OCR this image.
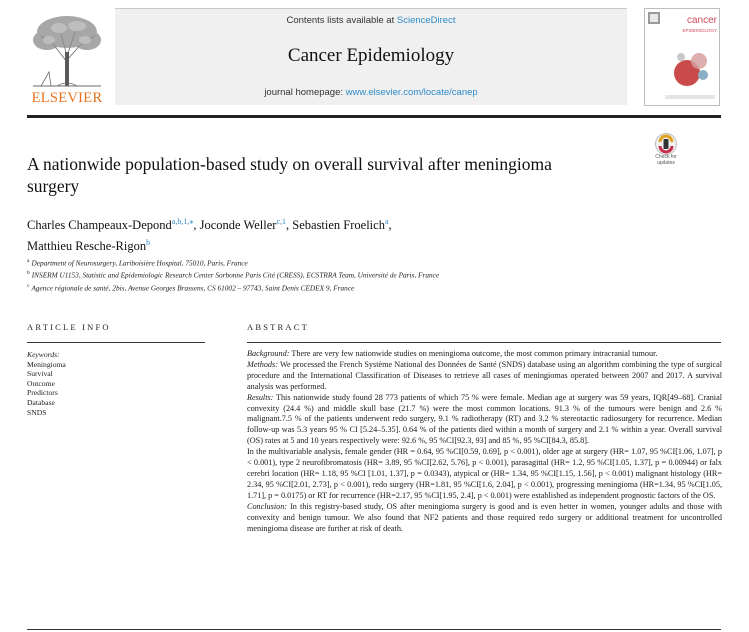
ELSEVIER
Contents lists available at ScienceDirect
Cancer Epidemiology
journal homepage: www.elsevier.com/locate/canep
cancer
EPIDEMIOLOGY
Check for
updates
A nationwide population-based study on overall survival after meningioma surgery
Charles Champeaux-Depond$^{a,b,1,⁎}$, Joconde Weller$^{c,1}$, Sebastien Froelich$^a$,
Matthieu Resche-Rigon$^b$
$^a$ Department of Neurosurgery, Lariboisière Hospital, 75010, Paris, France
$^b$ INSERM U1153, Statistic and Epidemiologic Research Center Sorbonne Paris Cité (CRESS), ECSTRRA Team, Université de Paris, France
$^c$ Agence régionale de santé, 2bis, Avenue Georges Brassens, CS 61002 – 97743, Saint Denis CEDEX 9, France
ARTICLE INFO
Keywords:
Meningioma
Survival
Outcome
Predictors
Database
SNDS
ABSTRACT

Background: There are very few nationwide studies on meningioma outcome, the most common primary intracranial tumour.

Methods: We processed the French Système National des Données de Santé (SNDS) database using an algorithm combining the type of surgical procedure and the International Classification of Diseases to retrieve all cases of meningiomas operated between 2007 and 2017. A survival analysis was performed.

Results: This nationwide study found 28 773 patients of which 75 % were female. Median age at surgery was 59 years, IQR[49–68]. Cranial convexity (24.4 %) and middle skull base (21.7 %) were the most common locations. 91.3 % of the tumours were benign and 2.6 % malignant.7.5 % of the patients underwent redo surgery, 9.1 % radiotherapy (RT) and 3.2 % stereotactic radiosurgery for recurrence. Median follow-up was 5.3 years 95 % CI [5.24–5.35]. 0.64 % of the patients died within a month of surgery and 2.1 % within a year. Overall survival (OS) rates at 5 and 10 years respectively were: 92.6 %, 95 %CI[92.3, 93] and 85 %, 95 %CI[84.3, 85.8].

In the multivariable analysis, female gender (HR = 0.64, 95 %CI[0.59, 0.69], p < 0.001), older age at surgery (HR= 1.07, 95 %CI[1.06, 1.07], p < 0.001), type 2 neurofibromatosis (HR= 3.89, 95 %CI[2.62, 5.76], p < 0.001), parasagittal (HR= 1.2, 95 %CI[1.05, 1.37], p = 0.00944) or falx cerebri location (HR= 1.18, 95 %CI [1.01, 1.37], p = 0.0343), atypical or (HR= 1.34, 95 %CI[1.15, 1.56], p < 0.001) malignant histology (HR= 2.34, 95 %CI[2.01, 2.73], p < 0.001), redo surgery (HR=1.81, 95 %CI[1.6, 2.04], p < 0.001), progressing meningioma (HR=1.34, 95 %CI[1.05, 1.71], p = 0.0175) or RT for recurrence (HR=2.17, 95 %CI[1.95, 2.4], p < 0.001) were established as independent prognostic factors of the OS.

Conclusion: In this registry-based study, OS after meningioma surgery is good and is even better in women, younger adults and those with convexity and benign tumour. We also found that NF2 patients and those required redo surgery or additional treatment for uncontrolled meningioma disease are further at risk of death.
